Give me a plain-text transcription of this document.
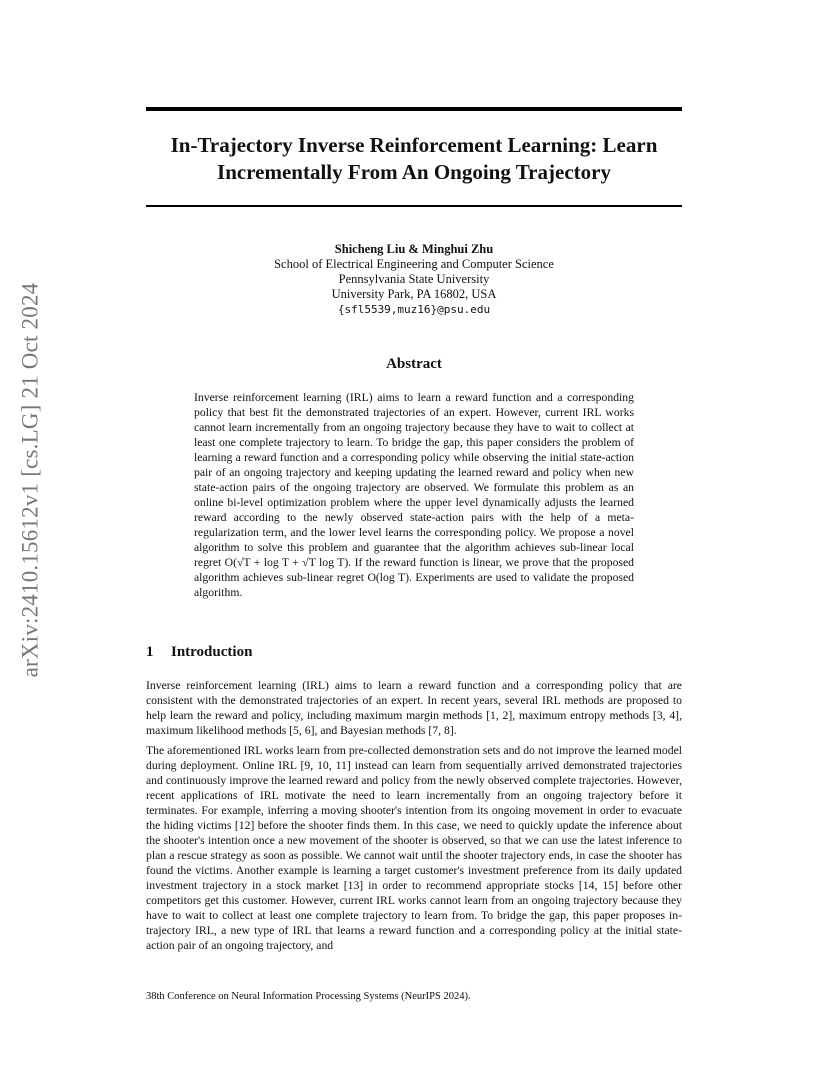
arXiv:2410.15612v1 [cs.LG] 21 Oct 2024
In-Trajectory Inverse Reinforcement Learning: Learn Incrementally From An Ongoing Trajectory
Shicheng Liu & Minghui Zhu
School of Electrical Engineering and Computer Science
Pennsylvania State University
University Park, PA 16802, USA
{sfl5539,muz16}@psu.edu
Abstract

Inverse reinforcement learning (IRL) aims to learn a reward function and a corresponding policy that best fit the demonstrated trajectories of an expert. However, current IRL works cannot learn incrementally from an ongoing trajectory because they have to wait to collect at least one complete trajectory to learn. To bridge the gap, this paper considers the problem of learning a reward function and a corresponding policy while observing the initial state-action pair of an ongoing trajectory and keeping updating the learned reward and policy when new state-action pairs of the ongoing trajectory are observed. We formulate this problem as an online bi-level optimization problem where the upper level dynamically adjusts the learned reward according to the newly observed state-action pairs with the help of a meta-regularization term, and the lower level learns the corresponding policy. We propose a novel algorithm to solve this problem and guarantee that the algorithm achieves sub-linear local regret O(√T + log T + √T log T). If the reward function is linear, we prove that the proposed algorithm achieves sub-linear regret O(log T). Experiments are used to validate the proposed algorithm.

1 Introduction

Inverse reinforcement learning (IRL) aims to learn a reward function and a corresponding policy that are consistent with the demonstrated trajectories of an expert. In recent years, several IRL methods are proposed to help learn the reward and policy, including maximum margin methods [1, 2], maximum entropy methods [3, 4], maximum likelihood methods [5, 6], and Bayesian methods [7, 8].

The aforementioned IRL works learn from pre-collected demonstration sets and do not improve the learned model during deployment. Online IRL [9, 10, 11] instead can learn from sequentially arrived demonstrated trajectories and continuously improve the learned reward and policy from the newly observed complete trajectories. However, recent applications of IRL motivate the need to learn incrementally from an ongoing trajectory before it terminates. For example, inferring a moving shooter's intention from its ongoing movement in order to evacuate the hiding victims [12] before the shooter finds them. In this case, we need to quickly update the inference about the shooter's intention once a new movement of the shooter is observed, so that we can use the latest inference to plan a rescue strategy as soon as possible. We cannot wait until the shooter trajectory ends, in case the shooter has found the victims. Another example is learning a target customer's investment preference from its daily updated investment trajectory in a stock market [13] in order to recommend appropriate stocks [14, 15] before other competitors get this customer. However, current IRL works cannot learn from an ongoing trajectory because they have to wait to collect at least one complete trajectory to learn from. To bridge the gap, this paper proposes in-trajectory IRL, a new type of IRL that learns a reward function and a corresponding policy at the initial state-action pair of an ongoing trajectory, and

38th Conference on Neural Information Processing Systems (NeurIPS 2024).
